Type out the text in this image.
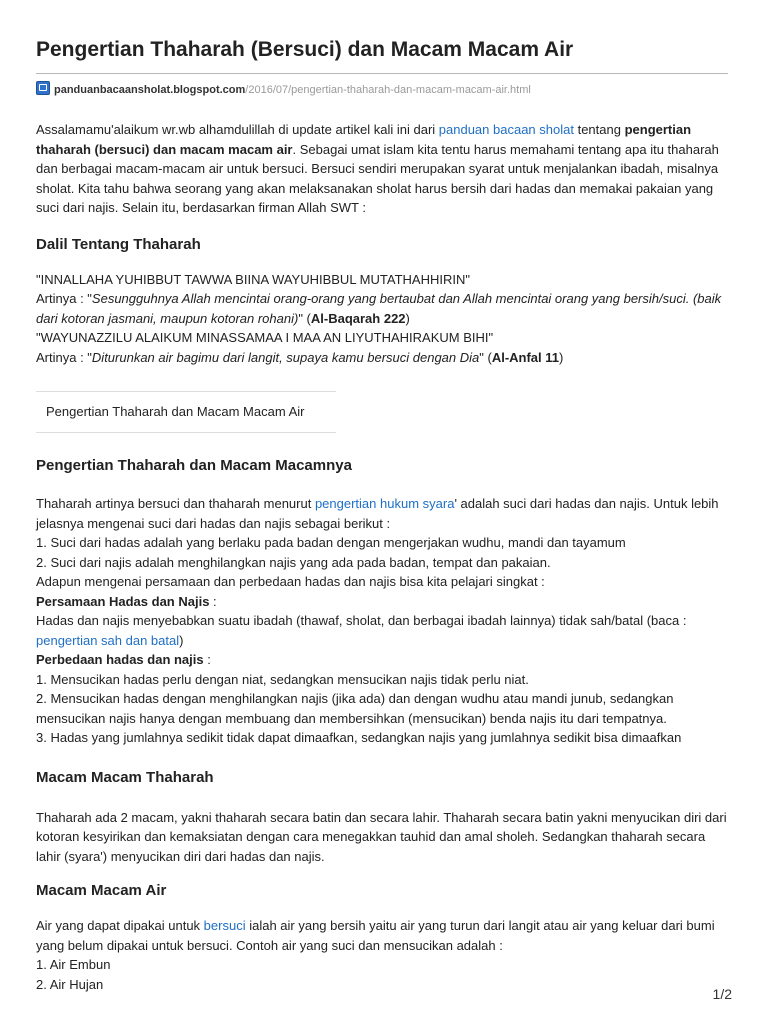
Pengertian Thaharah (Bersuci) dan Macam Macam Air
panduanbacaansholat.blogspot.com/2016/07/pengertian-thaharah-dan-macam-macam-air.html

Assalamamu'alaikum wr.wb alhamdulillah di update artikel kali ini dari panduan bacaan sholat tentang pengertian thaharah (bersuci) dan macam macam air. Sebagai umat islam kita tentu harus memahami tentang apa itu thaharah dan berbagai macam-macam air untuk bersuci. Bersuci sendiri merupakan syarat untuk menjalankan ibadah, misalnya sholat. Kita tahu bahwa seorang yang akan melaksanakan sholat harus bersih dari hadas dan memakai pakaian yang suci dari najis. Selain itu, berdasarkan firman Allah SWT :

Dalil Tentang Thaharah
"INNALLAHA YUHIBBUT TAWWA BIINA WAYUHIBBUL MUTATHAHHIRIN"
Artinya : "Sesungguhnya Allah mencintai orang-orang yang bertaubat dan Allah mencintai orang yang bersih/suci. (baik dari kotoran jasmani, maupun kotoran rohani)" (Al-Baqarah 222)
"WAYUNAZZILU ALAIKUM MINASSAMAA I MAA AN LIYUTHAHIRAKUM BIHI"
Artinya : "Diturunkan air bagimu dari langit, supaya kamu bersuci dengan Dia" (Al-Anfal 11)
Pengertian Thaharah dan Macam Macam Air
Pengertian Thaharah dan Macam Macamnya
Thaharah artinya bersuci dan thaharah menurut pengertian hukum syara' adalah suci dari hadas dan najis. Untuk lebih jelasnya mengenai suci dari hadas dan najis sebagai berikut :
1. Suci dari hadas adalah yang berlaku pada badan dengan mengerjakan wudhu, mandi dan tayamum
2. Suci dari najis adalah menghilangkan najis yang ada pada badan, tempat dan pakaian.
Adapun mengenai persamaan dan perbedaan hadas dan najis bisa kita pelajari singkat :
Persamaan Hadas dan Najis :
Hadas dan najis menyebabkan suatu ibadah (thawaf, sholat, dan berbagai ibadah lainnya) tidak sah/batal (baca : pengertian sah dan batal)
Perbedaan hadas dan najis :
1. Mensucikan hadas perlu dengan niat, sedangkan mensucikan najis tidak perlu niat.
2. Mensucikan hadas dengan menghilangkan najis (jika ada) dan dengan wudhu atau mandi junub, sedangkan mensucikan najis hanya dengan membuang dan membersihkan (mensucikan) benda najis itu dari tempatnya.
3. Hadas yang jumlahnya sedikit tidak dapat dimaafkan, sedangkan najis yang jumlahnya sedikit bisa dimaafkan
Macam Macam Thaharah

Thaharah ada 2 macam, yakni thaharah secara batin dan secara lahir. Thaharah secara batin yakni menyucikan diri dari kotoran kesyirikan dan kemaksiatan dengan cara menegakkan tauhid dan amal sholeh. Sedangkan thaharah secara lahir (syara') menyucikan diri dari hadas dan najis.

Macam Macam Air
Air yang dapat dipakai untuk bersuci ialah air yang bersih yaitu air yang turun dari langit atau air yang keluar dari bumi yang belum dipakai untuk bersuci. Contoh air yang suci dan mensucikan adalah :
1. Air Embun
2. Air Hujan
1/2
